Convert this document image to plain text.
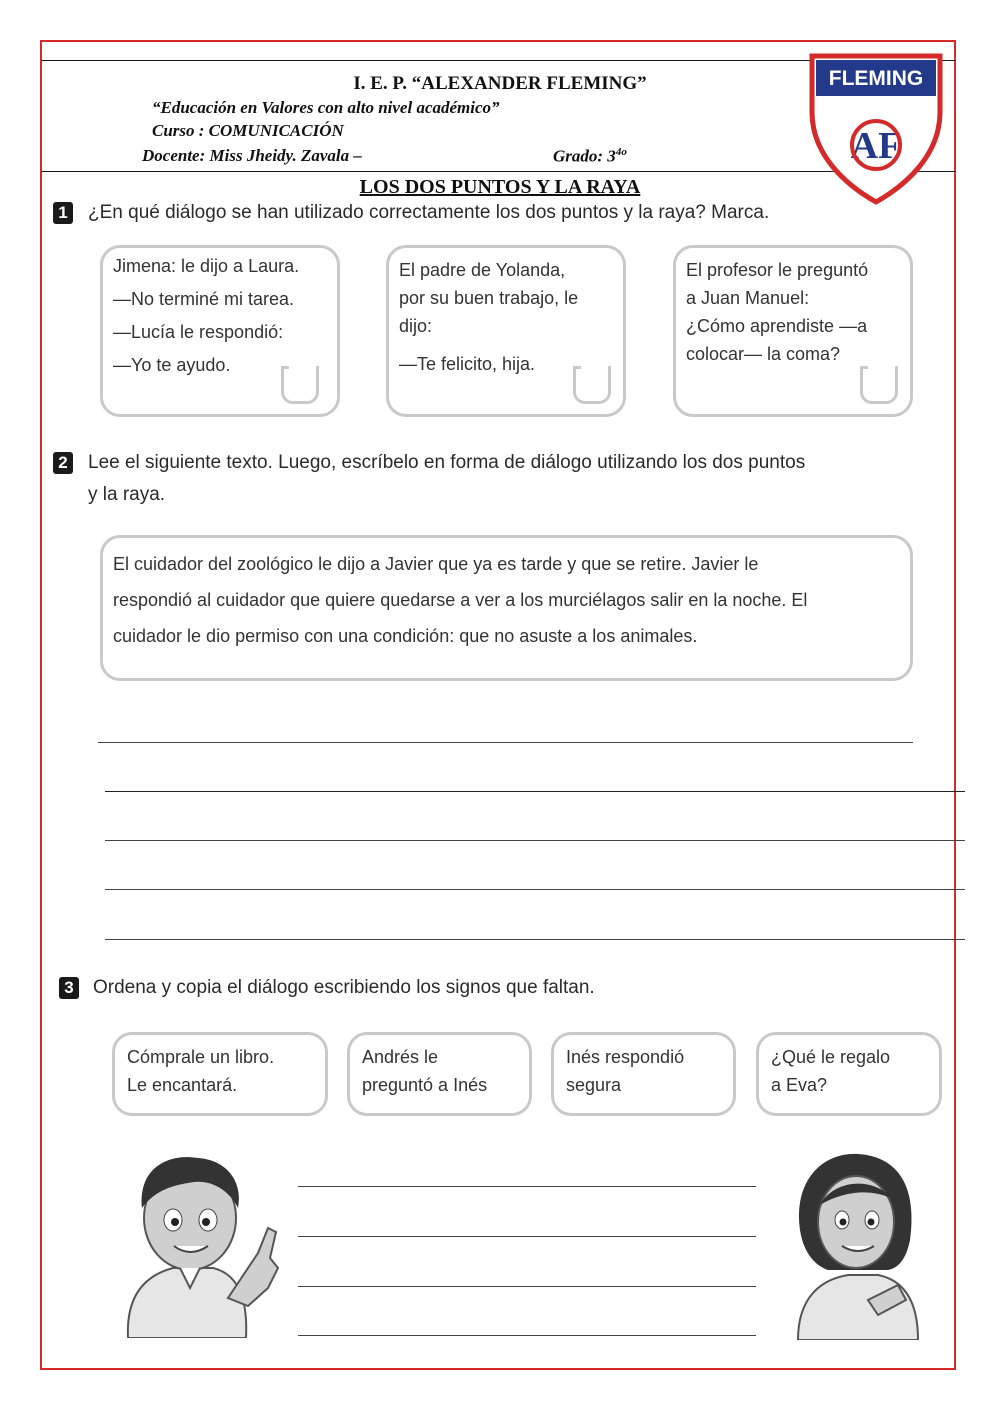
I. E. P. “ALEXANDER FLEMING”
“Educación en Valores con alto nivel académico”
Curso : COMUNICACIÓN
Docente: Miss Jheidy. Zavala –	Grado: $3^{4o}$
FLEMING
AF
LOS DOS PUNTOS Y LA RAYA
1 ¿En qué diálogo se han utilizado correctamente los dos puntos y la raya? Marca.

Jimena: le dijo a Laura.

—No terminé mi tarea.

—Lucía le respondió:

—Yo te ayudo.

El padre de Yolanda,

por su buen trabajo, le

dijo:

—Te felicito, hija.

El profesor le preguntó

a Juan Manuel:

¿Cómo aprendiste —a

colocar— la coma?

2 Lee el siguiente texto. Luego, escríbelo en forma de diálogo utilizando los dos puntos
y la raya.

El cuidador del zoológico le dijo a Javier que ya es tarde y que se retire. Javier le

respondió al cuidador que quiere quedarse a ver a los murciélagos salir en la noche. El

cuidador le dio permiso con una condición: que no asuste a los animales.

3 Ordena y copia el diálogo escribiendo los signos que faltan.

Cómprale un libro.

Le encantará.

Andrés le

preguntó a Inés

Inés respondió

segura

¿Qué le regalo

a Eva?
